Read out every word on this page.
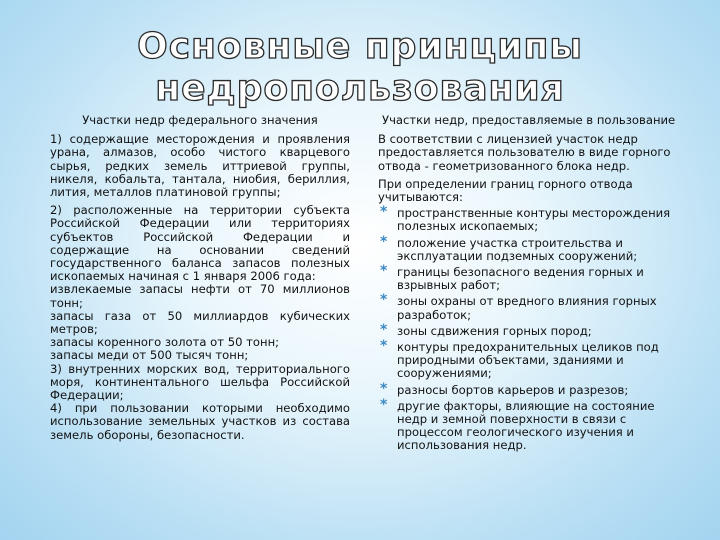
Основные принципы
недропользования
Участки недр федерального значения

1) содержащие месторождения и проявления урана, алмазов, особо чистого кварцевого сырья, редких земель иттриевой группы, никеля, кобальта, тантала, ниобия, бериллия, лития, металлов платиновой группы;

2) расположенные на территории субъекта Российской Федерации или территориях субъектов Российской Федерации и содержащие на основании сведений государственного баланса запасов полезных ископаемых начиная с 1 января 2006 года:

извлекаемые запасы нефти от 70 миллионов тонн;

запасы газа от 50 миллиардов кубических метров;

запасы коренного золота от 50 тонн;

запасы меди от 500 тысяч тонн;

3) внутренних морских вод, территориального моря, континентального шельфа Российской Федерации;

4) при пользовании которыми необходимо использование земельных участков из состава земель обороны, безопасности.

Участки недр, предоставляемые в пользование

В соответствии с лицензией участок недр предоставляется пользователю в виде горного отвода - геометризованного блока недр.

При определении границ горного отвода учитываются:

* пространственные контуры месторождения полезных ископаемых;
* положение участка строительства и эксплуатации подземных сооружений;
* границы безопасного ведения горных и взрывных работ;
* зоны охраны от вредного влияния горных разработок;
* зоны сдвижения горных пород;
* контуры предохранительных целиков под природными объектами, зданиями и сооружениями;
* разносы бортов карьеров и разрезов;
* другие факторы, влияющие на состояние недр и земной поверхности в связи с процессом геологического изучения и использования недр.
